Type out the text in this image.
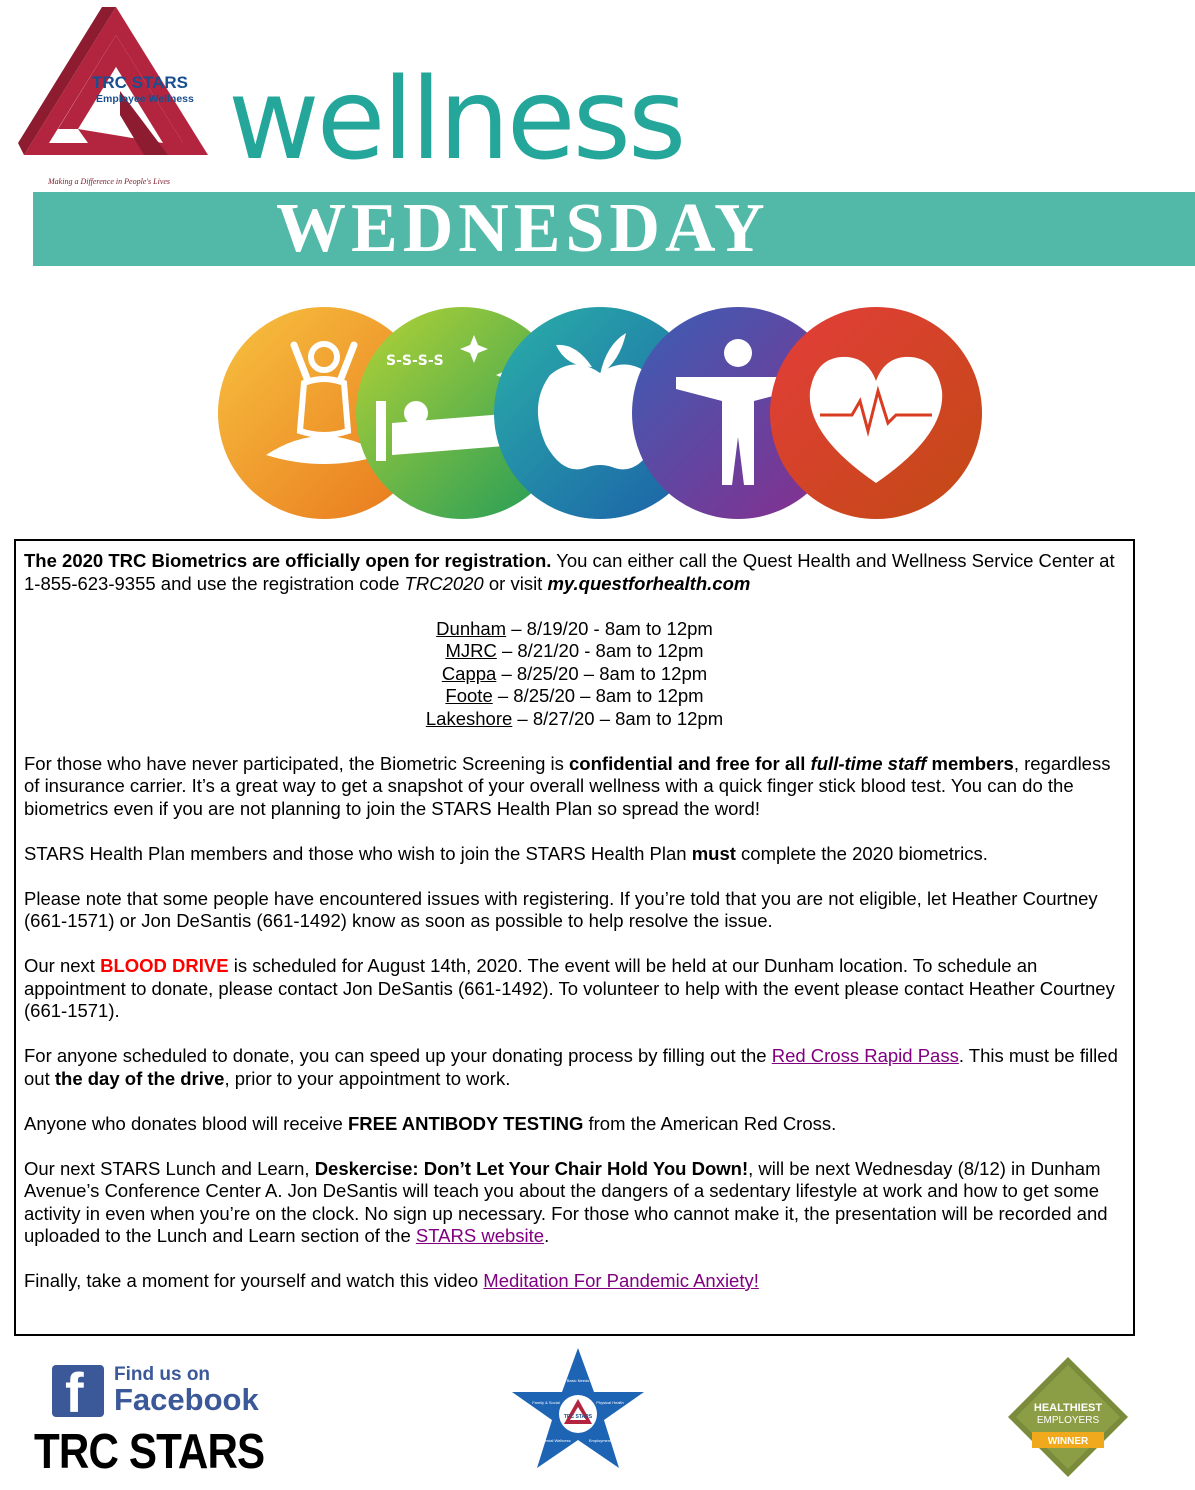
TRC STARS
Employee Wellness
Making a Difference in People's Lives wellness
WEDNESDAY
S-S-S-S

The 2020 TRC Biometrics are officially open for registration. You can either call the Quest Health and Wellness Service Center at 1-855-623-9355 and use the registration code TRC2020 or visit my.questforhealth.com

Dunham – 8/19/20 - 8am to 12pm
MJRC – 8/21/20 - 8am to 12pm
Cappa – 8/25/20 – 8am to 12pm
Foote – 8/25/20 – 8am to 12pm
Lakeshore – 8/27/20 – 8am to 12pm

For those who have never participated, the Biometric Screening is confidential and free for all full-time staff members, regardless of insurance carrier. It’s a great way to get a snapshot of your overall wellness with a quick finger stick blood test. You can do the biometrics even if you are not planning to join the STARS Health Plan so spread the word!

STARS Health Plan members and those who wish to join the STARS Health Plan must complete the 2020 biometrics.

Please note that some people have encountered issues with registering. If you’re told that you are not eligible, let Heather Courtney (661-1571) or Jon DeSantis (661-1492) know as soon as possible to help resolve the issue.

Our next BLOOD DRIVE is scheduled for August 14th, 2020. The event will be held at our Dunham location. To schedule an appointment to donate, please contact Jon DeSantis (661-1492). To volunteer to help with the event please contact Heather Courtney (661-1571).

For anyone scheduled to donate, you can speed up your donating process by filling out the Red Cross Rapid Pass. This must be filled out the day of the drive, prior to your appointment to work.

Anyone who donates blood will receive FREE ANTIBODY TESTING from the American Red Cross.

Our next STARS Lunch and Learn, Deskercise: Don’t Let Your Chair Hold You Down!, will be next Wednesday (8/12) in Dunham Avenue’s Conference Center A. Jon DeSantis will teach you about the dangers of a sedentary lifestyle at work and how to get some activity in even when you’re on the clock. No sign up necessary. For those who cannot make it, the presentation will be recorded and uploaded to the Lunch and Learn section of the STARS website.

Finally, take a moment for yourself and watch this video Meditation For Pandemic Anxiety!

f Find us on
Facebook
TRC STARS
TRC STARS
Basic Needs
Physical Health
Employment
Mental Wellness
Family & Social	HEALTHIEST
EMPLOYERS
WINNER
